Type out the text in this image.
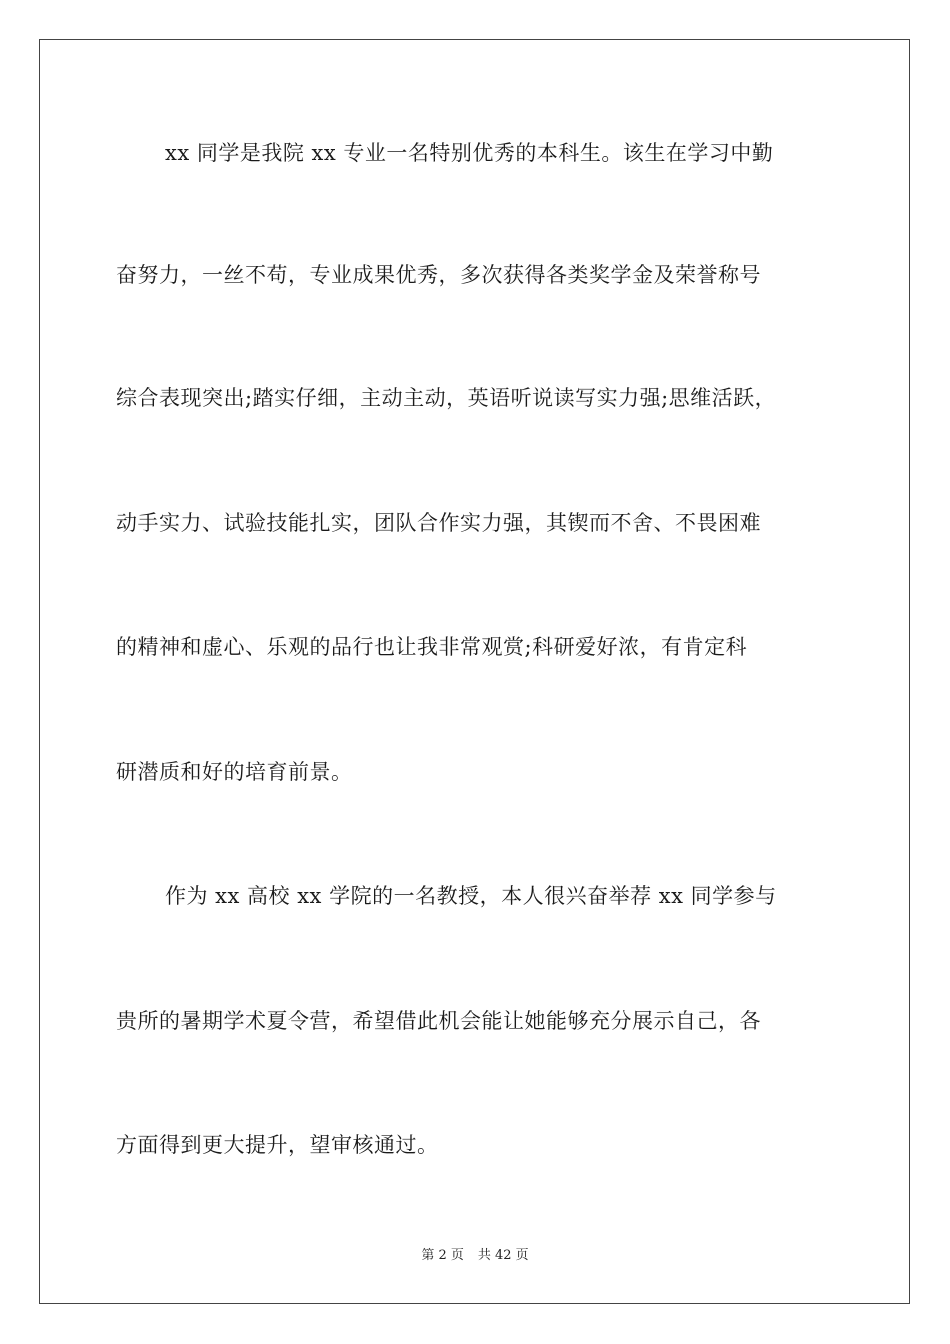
xx 同学是我院 xx 专业一名特别优秀的本科生。该生在学习中勤
奋努力，一丝不苟，专业成果优秀，多次获得各类奖学金及荣誉称号
综合表现突出;踏实仔细，主动主动，英语听说读写实力强;思维活跃，
动手实力、试验技能扎实，团队合作实力强，其锲而不舍、不畏困难
的精神和虚心、乐观的品行也让我非常观赏;科研爱好浓，有肯定科
研潜质和好的培育前景。
作为 xx 高校 xx 学院的一名教授，本人很兴奋举荐 xx 同学参与
贵所的暑期学术夏令营，希望借此机会能让她能够充分展示自己，各
方面得到更大提升，望审核通过。
第 2 页 共 42 页
